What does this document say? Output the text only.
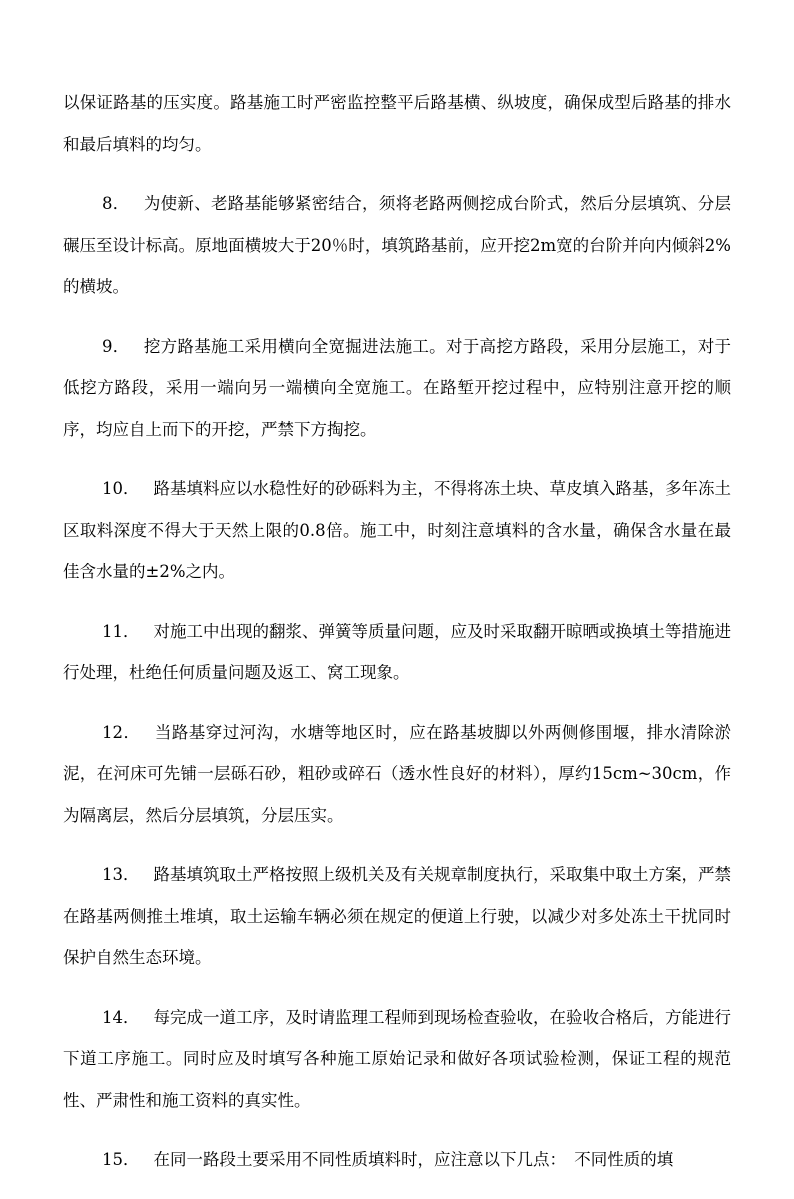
以保证路基的压实度。路基施工时严密监控整平后路基横、纵坡度，确保成型后路基的排水和最后填料的均匀。

8． 为使新、老路基能够紧密结合，须将老路两侧挖成台阶式，然后分层填筑、分层碾压至设计标高。原地面横坡大于20％时，填筑路基前，应开挖2m宽的台阶并向内倾斜2%的横坡。

9． 挖方路基施工采用横向全宽掘进法施工。对于高挖方路段，采用分层施工，对于低挖方路段，采用一端向另一端横向全宽施工。在路堑开挖过程中，应特别注意开挖的顺序，均应自上而下的开挖，严禁下方掏挖。

10． 路基填料应以水稳性好的砂砾料为主，不得将冻土块、草皮填入路基，多年冻土区取料深度不得大于天然上限的0.8倍。施工中，时刻注意填料的含水量，确保含水量在最佳含水量的±2%之内。

11． 对施工中出现的翻浆、弹簧等质量问题，应及时采取翻开晾晒或换填土等措施进行处理，杜绝任何质量问题及返工、窝工现象。

12． 当路基穿过河沟，水塘等地区时，应在路基坡脚以外两侧修围堰，排水清除淤泥，在河床可先铺一层砾石砂，粗砂或碎石（透水性良好的材料），厚约15cm~30cm，作为隔离层，然后分层填筑，分层压实。

13． 路基填筑取土严格按照上级机关及有关规章制度执行，采取集中取土方案，严禁在路基两侧推土堆填，取土运输车辆必须在规定的便道上行驶，以减少对多处冻土干扰同时保护自然生态环境。

14． 每完成一道工序，及时请监理工程师到现场检查验收，在验收合格后，方能进行下道工序施工。同时应及时填写各种施工原始记录和做好各项试验检测，保证工程的规范性、严肃性和施工资料的真实性。

15． 在同一路段土要采用不同性质填料时，应注意以下几点：　不同性质的填
